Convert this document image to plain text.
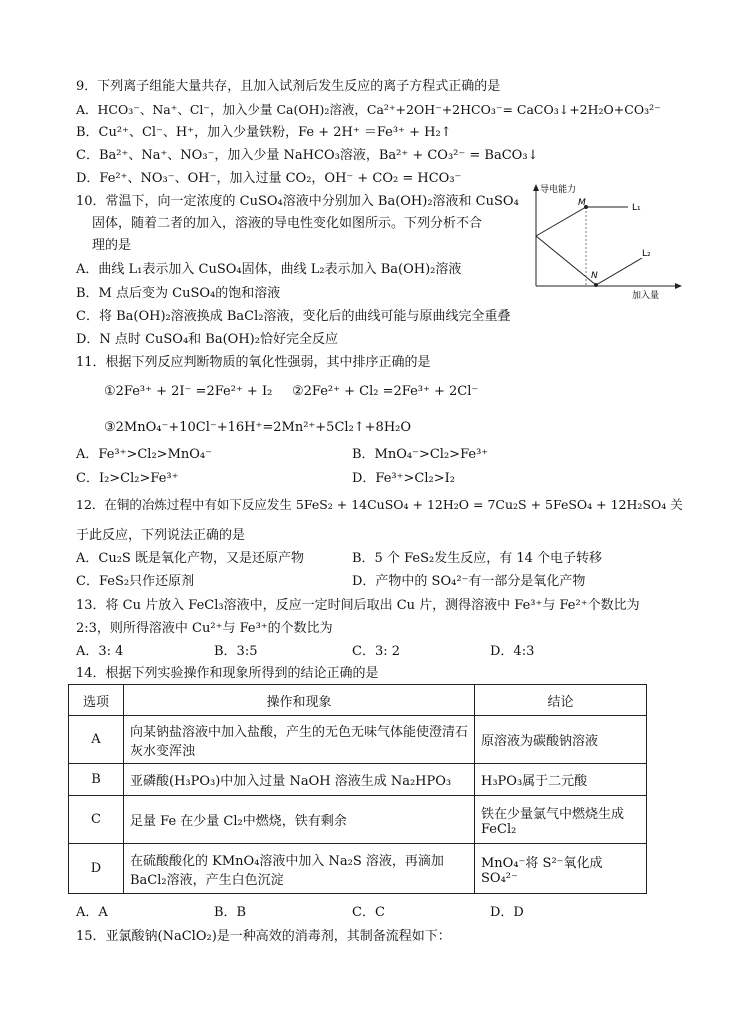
9．下列离子组能大量共存，且加入试剂后发生反应的离子方程式正确的是
A．HCO₃⁻、Na⁺、Cl⁻，加入少量 Ca(OH)₂溶液，Ca²⁺+2OH⁻+2HCO₃⁻= CaCO₃↓+2H₂O+CO₃²⁻
B．Cu²⁺、Cl⁻、H⁺，加入少量铁粉，Fe + 2H⁺ ＝Fe³⁺ + H₂↑
C．Ba²⁺、Na⁺、NO₃⁻，加入少量 NaHCO₃溶液，Ba²⁺ + CO₃²⁻ = BaCO₃↓
D．Fe²⁺、NO₃⁻、OH⁻，加入过量 CO₂，OH⁻ + CO₂ = HCO₃⁻
10．常温下，向一定浓度的 CuSO₄溶液中分别加入 Ba(OH)₂溶液和 CuSO₄
固体，随着二者的加入，溶液的导电性变化如图所示。下列分析不合
理的是
A．曲线 L₁表示加入 CuSO₄固体，曲线 L₂表示加入 Ba(OH)₂溶液
B．M 点后变为 CuSO₄的饱和溶液
C．将 Ba(OH)₂溶液换成 BaCl₂溶液，变化后的曲线可能与原曲线完全重叠
D．N 点时 CuSO₄和 Ba(OH)₂恰好完全反应
导电能力
加入量
M
N
L₁
L₂
11．根据下列反应判断物质的氧化性强弱，其中排序正确的是
①2Fe³⁺ + 2I⁻ =2Fe²⁺ + I₂ ②2Fe²⁺ + Cl₂ =2Fe³⁺ + 2Cl⁻
③2MnO₄⁻+10Cl⁻+16H⁺=2Mn²⁺+5Cl₂↑+8H₂O
A．Fe³⁺>Cl₂>MnO₄⁻	B．MnO₄⁻>Cl₂>Fe³⁺
C．I₂>Cl₂>Fe³⁺	D．Fe³⁺>Cl₂>I₂
12．在铜的冶炼过程中有如下反应发生 5FeS₂ + 14CuSO₄ + 12H₂O = 7Cu₂S + 5FeSO₄ + 12H₂SO₄ 关
于此反应，下列说法正确的是
A．Cu₂S 既是氧化产物，又是还原产物	B．5 个 FeS₂发生反应，有 14 个电子转移
C．FeS₂只作还原剂	D．产物中的 SO₄²⁻有一部分是氧化产物
13．将 Cu 片放入 FeCl₃溶液中，反应一定时间后取出 Cu 片，测得溶液中 Fe³⁺与 Fe²⁺个数比为
2:3，则所得溶液中 Cu²⁺与 Fe³⁺的个数比为
A．3: 4	B．3:5	C．3: 2	D．4:3
14．根据下列实验操作和现象所得到的结论正确的是
选项	操作和现象	结论
A	向某钠盐溶液中加入盐酸，产生的无色无味气体能使澄清石灰水变浑浊	原溶液为碳酸钠溶液
B	亚磷酸(H₃PO₃)中加入过量 NaOH 溶液生成 Na₂HPO₃	H₃PO₃属于二元酸
C	足量 Fe 在少量 Cl₂中燃烧，铁有剩余	铁在少量氯气中燃烧生成 FeCl₂
D	在硫酸酸化的 KMnO₄溶液中加入 Na₂S 溶液，再滴加 BaCl₂溶液，产生白色沉淀	MnO₄⁻将 S²⁻氧化成 SO₄²⁻
A．A	B．B	C．C	D．D
15．亚氯酸钠(NaClO₂)是一种高效的消毒剂，其制备流程如下：
